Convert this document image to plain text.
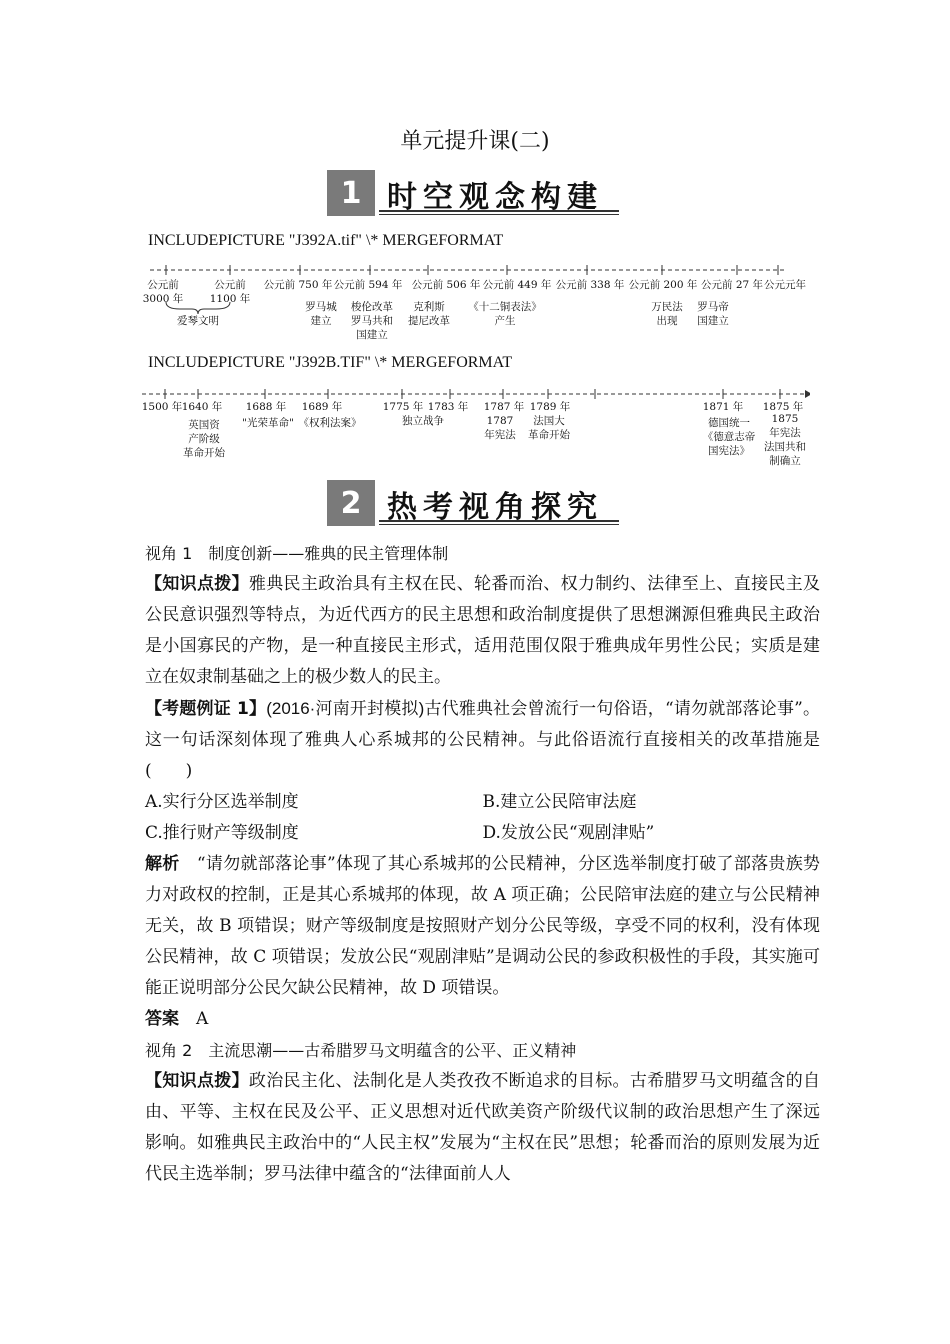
单元提升课(二)
1 时空观念构建
INCLUDEPICTURE "J392A.tif" \* MERGEFORMAT
公元前
3000 年
公元前
1100 年
公元前 750 年 公元前 594 年 公元前 506 年 公元前 449 年 公元前 338 年 公元前 200 年 公元前 27 年 公元元年
爱琴文明
罗马城
建立
梭伦改革
罗马共和
国建立
克利斯
提尼改革
《十二铜表法》
产生
万民法
出现
罗马帝
国建立
INCLUDEPICTURE "J392B.TIF" \* MERGEFORMAT
1500 年 1640 年 1688 年 1689 年	1775 年 1783 年 1787 年 1789 年	1871 年 1875 年
英国资
产阶级
革命开始
"光荣革命" 《权利法案》	独立战争	1787
年宪法
法国大
革命开始
德国统一
《德意志帝
国宪法》
1875
年宪法
法国共和
制确立
2 热考视角探究

视角 1　制度创新——雅典的民主管理体制

【知识点拨】雅典民主政治具有主权在民、轮番而治、权力制约、法律至上、直接民主及公民意识强烈等特点，为近代西方的民主思想和政治制度提供了思想渊源但雅典民主政治是小国寡民的产物，是一种直接民主形式，适用范围仅限于雅典成年男性公民；实质是建立在奴隶制基础之上的极少数人的民主。

【考题例证 1】(2016·河南开封模拟)古代雅典社会曾流行一句俗语，“请勿就部落论事”。这一句话深刻体现了雅典人心系城邦的公民精神。与此俗语流行直接相关的改革措施是(　　)

A.实行分区选举制度	B.建立公民陪审法庭

C.推行财产等级制度	D.发放公民“观剧津贴”

解析　“请勿就部落论事”体现了其心系城邦的公民精神，分区选举制度打破了部落贵族势力对政权的控制，正是其心系城邦的体现，故 A 项正确；公民陪审法庭的建立与公民精神无关，故 B 项错误；财产等级制度是按照财产划分公民等级，享受不同的权利，没有体现公民精神，故 C 项错误；发放公民“观剧津贴”是调动公民的参政积极性的手段，其实施可能正说明部分公民欠缺公民精神，故 D 项错误。

答案　A

视角 2　主流思潮——古希腊罗马文明蕴含的公平、正义精神

【知识点拨】政治民主化、法制化是人类孜孜不断追求的目标。古希腊罗马文明蕴含的自由、平等、主权在民及公平、正义思想对近代欧美资产阶级代议制的政治思想产生了深远影响。如雅典民主政治中的“人民主权”发展为“主权在民”思想；轮番而治的原则发展为近代民主选举制；罗马法律中蕴含的“法律面前人人
